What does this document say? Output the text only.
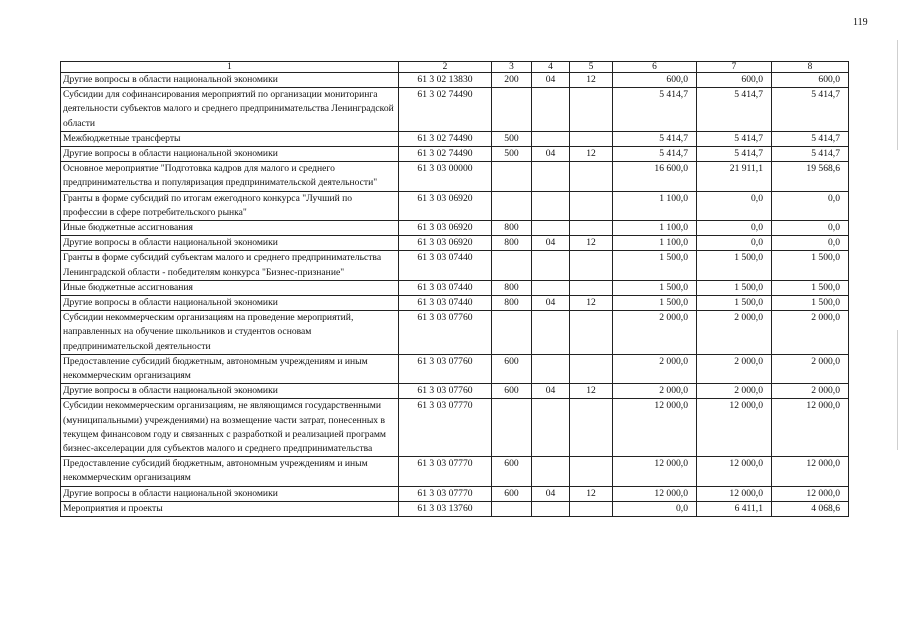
119
1	2	3	4	5	6	7	8
Другие вопросы в области национальной экономики	61 3 02 13830	200	04	12	600,0	600,0	600,0
Субсидии для софинансирования мероприятий по организации мониторинга деятельности субъектов малого и среднего предпринимательства Ленинградской области	61 3 02 74490				5 414,7	5 414,7	5 414,7
Межбюджетные трансферты	61 3 02 74490	500			5 414,7	5 414,7	5 414,7
Другие вопросы в области национальной экономики	61 3 02 74490	500	04	12	5 414,7	5 414,7	5 414,7
Основное мероприятие "Подготовка кадров для малого и среднего предпринимательства и популяризация предпринимательской деятельности"	61 3 03 00000				16 600,0	21 911,1	19 568,6
Гранты в форме субсидий по итогам ежегодного конкурса "Лучший по профессии в сфере потребительского рынка"	61 3 03 06920				1 100,0	0,0	0,0
Иные бюджетные ассигнования	61 3 03 06920	800			1 100,0	0,0	0,0
Другие вопросы в области национальной экономики	61 3 03 06920	800	04	12	1 100,0	0,0	0,0
Гранты в форме субсидий субъектам малого и среднего предпринимательства Ленинградской области - победителям конкурса "Бизнес-признание"	61 3 03 07440				1 500,0	1 500,0	1 500,0
Иные бюджетные ассигнования	61 3 03 07440	800			1 500,0	1 500,0	1 500,0
Другие вопросы в области национальной экономики	61 3 03 07440	800	04	12	1 500,0	1 500,0	1 500,0
Субсидии некоммерческим организациям на проведение мероприятий, направленных на обучение школьников и студентов основам предпринимательской деятельности	61 3 03 07760				2 000,0	2 000,0	2 000,0
Предоставление субсидий бюджетным, автономным учреждениям и иным некоммерческим организациям	61 3 03 07760	600			2 000,0	2 000,0	2 000,0
Другие вопросы в области национальной экономики	61 3 03 07760	600	04	12	2 000,0	2 000,0	2 000,0
Субсидии некоммерческим организациям, не являющимся государственными (муниципальными) учреждениями) на возмещение части затрат, понесенных в текущем финансовом году и связанных с разработкой и реализацией программ бизнес-акселерации для субъектов малого и среднего предпринимательства	61 3 03 07770				12 000,0	12 000,0	12 000,0
Предоставление субсидий бюджетным, автономным учреждениям и иным некоммерческим организациям	61 3 03 07770	600			12 000,0	12 000,0	12 000,0
Другие вопросы в области национальной экономики	61 3 03 07770	600	04	12	12 000,0	12 000,0	12 000,0
Мероприятия и проекты	61 3 03 13760				0,0	6 411,1	4 068,6
